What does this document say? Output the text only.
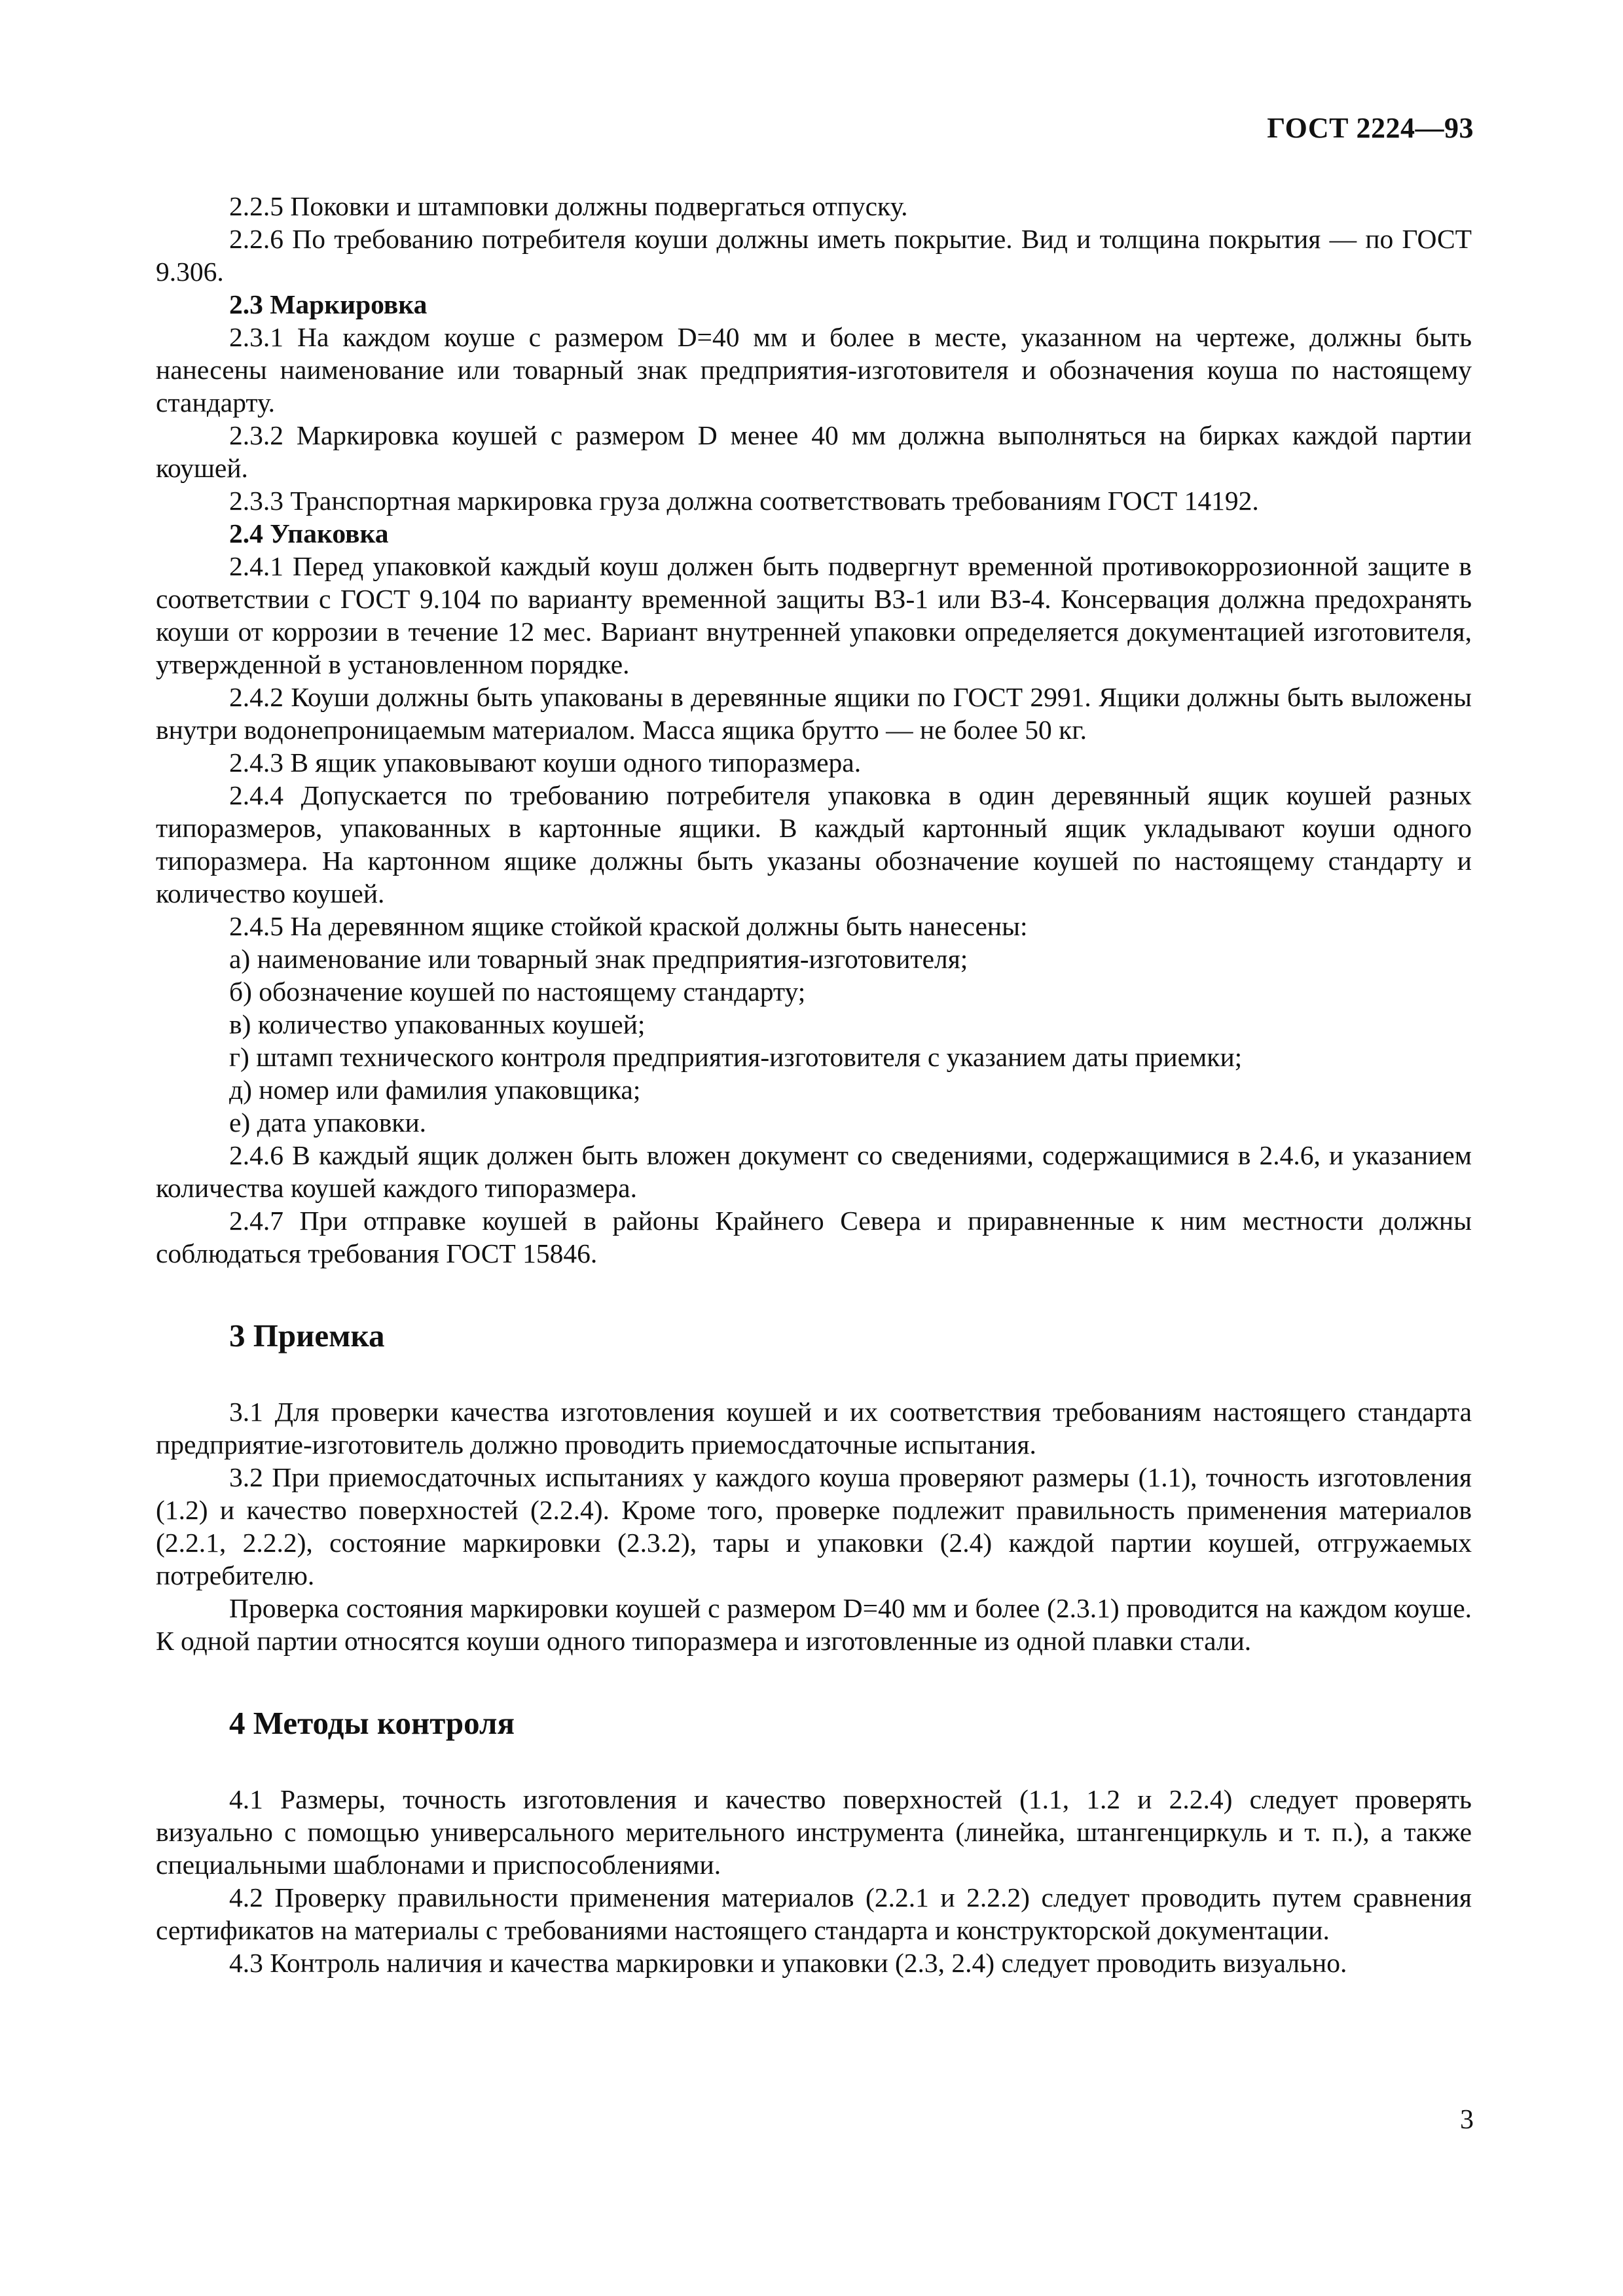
ГОСТ 2224—93

2.2.5 Поковки и штамповки должны подвергаться отпуску.

2.2.6 По требованию потребителя коуши должны иметь покрытие. Вид и толщина покрытия — по ГОСТ 9.306.

2.3 Маркировка

2.3.1 На каждом коуше с размером D=40 мм и более в месте, указанном на чертеже, должны быть нанесены наименование или товарный знак предприятия-изготовителя и обозначения коуша по настоящему стандарту.

2.3.2 Маркировка коушей с размером D менее 40 мм должна выполняться на бирках каждой партии коушей.

2.3.3 Транспортная маркировка груза должна соответствовать требованиям ГОСТ 14192.

2.4 Упаковка

2.4.1 Перед упаковкой каждый коуш должен быть подвергнут временной противокоррозионной защите в соответствии с ГОСТ 9.104 по варианту временной защиты ВЗ-1 или ВЗ-4. Консервация должна предохранять коуши от коррозии в течение 12 мес. Вариант внутренней упаковки определяется документацией изготовителя, утвержденной в установленном порядке.

2.4.2 Коуши должны быть упакованы в деревянные ящики по ГОСТ 2991. Ящики должны быть выложены внутри водонепроницаемым материалом. Масса ящика брутто — не более 50 кг.

2.4.3 В ящик упаковывают коуши одного типоразмера.

2.4.4 Допускается по требованию потребителя упаковка в один деревянный ящик коушей разных типоразмеров, упакованных в картонные ящики. В каждый картонный ящик укладывают коуши одного типоразмера. На картонном ящике должны быть указаны обозначение коушей по настоящему стандарту и количество коушей.

2.4.5 На деревянном ящике стойкой краской должны быть нанесены:

а) наименование или товарный знак предприятия-изготовителя;

б) обозначение коушей по настоящему стандарту;

в) количество упакованных коушей;

г) штамп технического контроля предприятия-изготовителя с указанием даты приемки;

д) номер или фамилия упаковщика;

е) дата упаковки.

2.4.6 В каждый ящик должен быть вложен документ со сведениями, содержащимися в 2.4.6, и указанием количества коушей каждого типоразмера.

2.4.7 При отправке коушей в районы Крайнего Севера и приравненные к ним местности должны соблюдаться требования ГОСТ 15846.

3 Приемка

3.1 Для проверки качества изготовления коушей и их соответствия требованиям настоящего стандарта предприятие-изготовитель должно проводить приемосдаточные испытания.

3.2 При приемосдаточных испытаниях у каждого коуша проверяют размеры (1.1), точность изготовления (1.2) и качество поверхностей (2.2.4). Кроме того, проверке подлежит правильность применения материалов (2.2.1, 2.2.2), состояние маркировки (2.3.2), тары и упаковки (2.4) каждой партии коушей, отгружаемых потребителю.

Проверка состояния маркировки коушей с размером D=40 мм и более (2.3.1) проводится на каждом коуше. К одной партии относятся коуши одного типоразмера и изготовленные из одной плавки стали.

4 Методы контроля

4.1 Размеры, точность изготовления и качество поверхностей (1.1, 1.2 и 2.2.4) следует проверять визуально с помощью универсального мерительного инструмента (линейка, штангенциркуль и т. п.), а также специальными шаблонами и приспособлениями.

4.2 Проверку правильности применения материалов (2.2.1 и 2.2.2) следует проводить путем сравнения сертификатов на материалы с требованиями настоящего стандарта и конструкторской документации.

4.3 Контроль наличия и качества маркировки и упаковки (2.3, 2.4) следует проводить визуально.

3
